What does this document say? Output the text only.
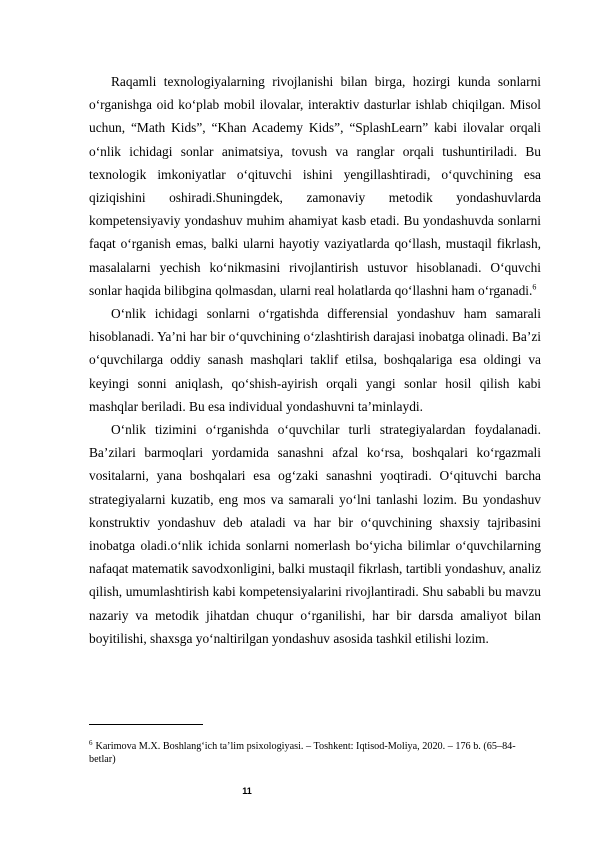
Raqamli texnologiyalarning rivojlanishi bilan birga, hozirgi kunda sonlarni o‘rganishga oid ko‘plab mobil ilovalar, interaktiv dasturlar ishlab chiqilgan. Misol uchun, “Math Kids”, “Khan Academy Kids”, “SplashLearn” kabi ilovalar orqali o‘nlik ichidagi sonlar animatsiya, tovush va ranglar orqali tushuntiriladi. Bu texnologik imkoniyatlar o‘qituvchi ishini yengillashtiradi, o‘quvchining esa qiziqishini oshiradi.Shuningdek, zamonaviy metodik yondashuvlarda kompetensiyaviy yondashuv muhim ahamiyat kasb etadi. Bu yondashuvda sonlarni faqat o‘rganish emas, balki ularni hayotiy vaziyatlarda qo‘llash, mustaqil fikrlash, masalalarni yechish ko‘nikmasini rivojlantirish ustuvor hisoblanadi. O‘quvchi sonlar haqida bilibgina qolmasdan, ularni real holatlarda qo‘llashni ham o‘rganadi.$^6$

O‘nlik ichidagi sonlarni o‘rgatishda differensial yondashuv ham samarali hisoblanadi. Ya’ni har bir o‘quvchining o‘zlashtirish darajasi inobatga olinadi. Ba’zi o‘quvchilarga oddiy sanash mashqlari taklif etilsa, boshqalariga esa oldingi va keyingi sonni aniqlash, qo‘shish-ayirish orqali yangi sonlar hosil qilish kabi mashqlar beriladi. Bu esa individual yondashuvni ta’minlaydi.

O‘nlik tizimini o‘rganishda o‘quvchilar turli strategiyalardan foydalanadi. Ba’zilari barmoqlari yordamida sanashni afzal ko‘rsa, boshqalari ko‘rgazmali vositalarni, yana boshqalari esa og‘zaki sanashni yoqtiradi. O‘qituvchi barcha strategiyalarni kuzatib, eng mos va samarali yo‘lni tanlashi lozim. Bu yondashuv konstruktiv yondashuv deb ataladi va har bir o‘quvchining shaxsiy tajribasini inobatga oladi.o‘nlik ichida sonlarni nomerlash bo‘yicha bilimlar o‘quvchilarning nafaqat matematik savodxonligini, balki mustaqil fikrlash, tartibli yondashuv, analiz qilish, umumlashtirish kabi kompetensiyalarini rivojlantiradi. Shu sababli bu mavzu nazariy va metodik jihatdan chuqur o‘rganilishi, har bir darsda amaliyot bilan boyitilishi, shaxsga yo‘naltirilgan yondashuv asosida tashkil etilishi lozim.

$^6$ Karimova M.X. Boshlang‘ich ta’lim psixologiyasi. – Toshkent: Iqtisod-Moliya, 2020. – 176 b. (65–84-betlar)

11
